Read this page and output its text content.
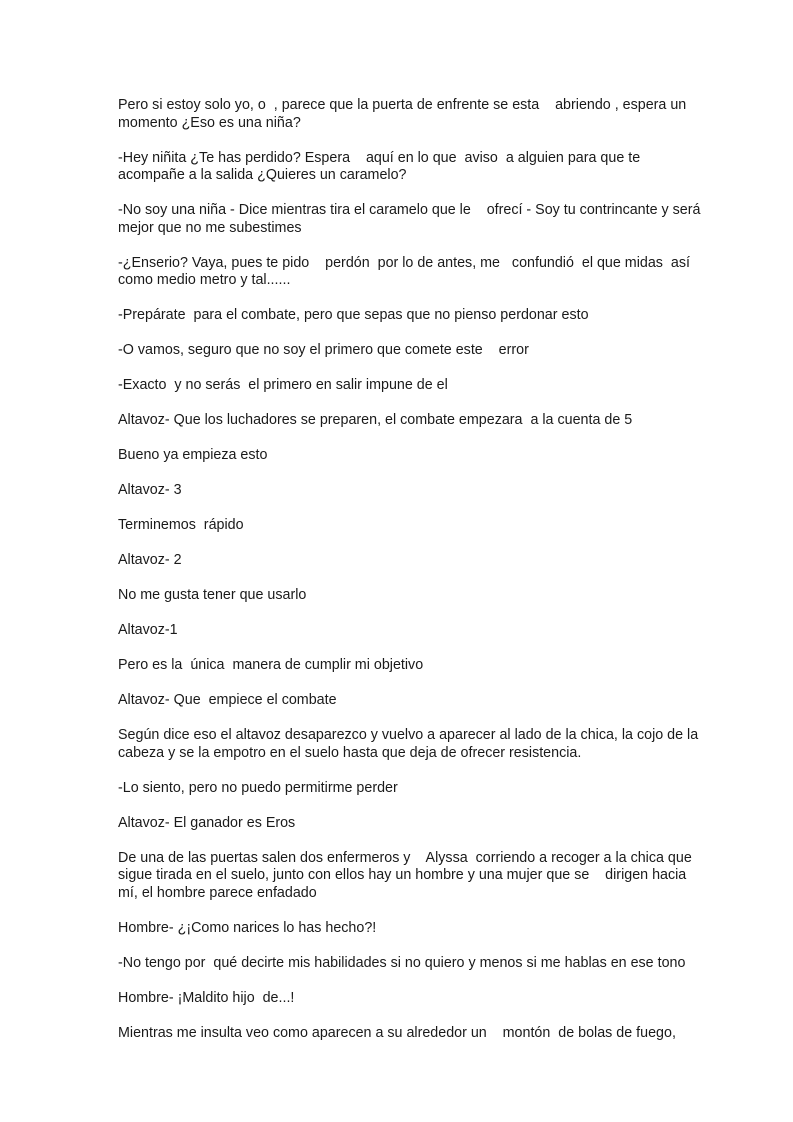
Pero si estoy solo yo, o  , parece que la puerta de enfrente se esta    abriendo , espera un momento ¿Eso es una niña?

-Hey niñita ¿Te has perdido? Espera    aquí en lo que  aviso  a alguien para que te acompañe a la salida ¿Quieres un caramelo?

-No soy una niña - Dice mientras tira el caramelo que le    ofrecí - Soy tu contrincante y será  mejor que no me subestimes

-¿Enserio? Vaya, pues te pido    perdón  por lo de antes, me   confundió  el que midas  así como medio metro y tal......

-Prepárate  para el combate, pero que sepas que no pienso perdonar esto

-O vamos, seguro que no soy el primero que comete este    error

-Exacto  y no serás  el primero en salir impune de el

Altavoz- Que los luchadores se preparen, el combate empezara  a la cuenta de 5

Bueno ya empieza esto

Altavoz- 3

Terminemos  rápido

Altavoz- 2

No me gusta tener que usarlo

Altavoz-1

Pero es la  única  manera de cumplir mi objetivo

Altavoz- Que  empiece el combate

Según dice eso el altavoz desaparezco y vuelvo a aparecer al lado de la chica, la cojo de la cabeza y se la empotro en el suelo hasta que deja de ofrecer resistencia.

-Lo siento, pero no puedo permitirme perder

Altavoz- El ganador es Eros

De una de las puertas salen dos enfermeros y    Alyssa  corriendo a recoger a la chica que sigue tirada en el suelo, junto con ellos hay un hombre y una mujer que se    dirigen hacia mí, el hombre parece enfadado

Hombre- ¿¡Como narices lo has hecho?!

-No tengo por  qué decirte mis habilidades si no quiero y menos si me hablas en ese tono

Hombre- ¡Maldito hijo  de...!

Mientras me insulta veo como aparecen a su alrededor un    montón  de bolas de fuego,
